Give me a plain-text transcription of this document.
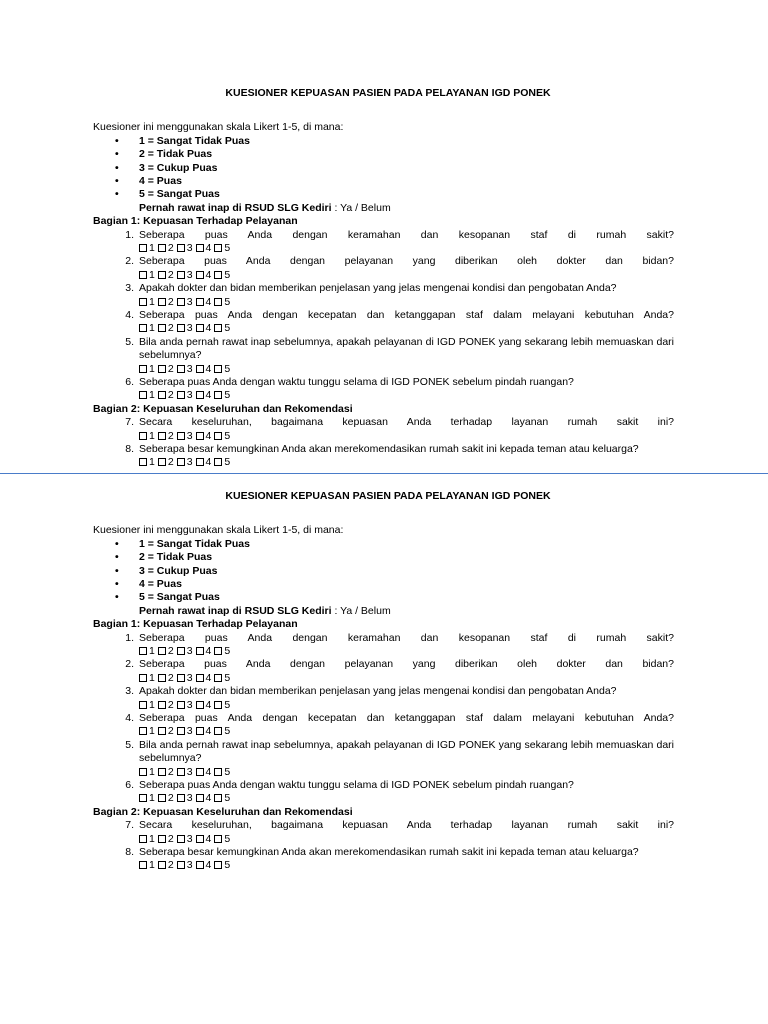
KUESIONER KEPUASAN PASIEN PADA PELAYANAN IGD PONEK

Kuesioner ini menggunakan skala Likert 1-5, di mana:

• 1 = Sangat Tidak Puas
• 2 = Tidak Puas
• 3 = Cukup Puas
• 4 = Puas
• 5 = Sangat Puas
Pernah rawat inap di RSUD SLG Kediri : Ya / Belum
Bagian 1: Kepuasan Terhadap Pelayanan
1. Seberapa puas Anda dengan keramahan dan kesopanan staf di rumah sakit?
1 2 3 4 5
2. Seberapa puas Anda dengan pelayanan yang diberikan oleh dokter dan bidan?
1 2 3 4 5
3. Apakah dokter dan bidan memberikan penjelasan yang jelas mengenai kondisi dan pengobatan Anda?
1 2 3 4 5
4. Seberapa puas Anda dengan kecepatan dan ketanggapan staf dalam melayani kebutuhan Anda?
1 2 3 4 5
5. Bila anda pernah rawat inap sebelumnya, apakah pelayanan di IGD PONEK yang sekarang lebih memuaskan dari sebelumnya?
1 2 3 4 5
6. Seberapa puas Anda dengan waktu tunggu selama di IGD PONEK sebelum pindah ruangan?
1 2 3 4 5
Bagian 2: Kepuasan Keseluruhan dan Rekomendasi
7. Secara keseluruhan, bagaimana kepuasan Anda terhadap layanan rumah sakit ini?
1 2 3 4 5
8. Seberapa besar kemungkinan Anda akan merekomendasikan rumah sakit ini kepada teman atau keluarga?
1 2 3 4 5

KUESIONER KEPUASAN PASIEN PADA PELAYANAN IGD PONEK

Kuesioner ini menggunakan skala Likert 1-5, di mana:

• 1 = Sangat Tidak Puas
• 2 = Tidak Puas
• 3 = Cukup Puas
• 4 = Puas
• 5 = Sangat Puas
Pernah rawat inap di RSUD SLG Kediri : Ya / Belum
Bagian 1: Kepuasan Terhadap Pelayanan
1. Seberapa puas Anda dengan keramahan dan kesopanan staf di rumah sakit?
1 2 3 4 5
2. Seberapa puas Anda dengan pelayanan yang diberikan oleh dokter dan bidan?
1 2 3 4 5
3. Apakah dokter dan bidan memberikan penjelasan yang jelas mengenai kondisi dan pengobatan Anda?
1 2 3 4 5
4. Seberapa puas Anda dengan kecepatan dan ketanggapan staf dalam melayani kebutuhan Anda?
1 2 3 4 5
5. Bila anda pernah rawat inap sebelumnya, apakah pelayanan di IGD PONEK yang sekarang lebih memuaskan dari sebelumnya?
1 2 3 4 5
6. Seberapa puas Anda dengan waktu tunggu selama di IGD PONEK sebelum pindah ruangan?
1 2 3 4 5
Bagian 2: Kepuasan Keseluruhan dan Rekomendasi
7. Secara keseluruhan, bagaimana kepuasan Anda terhadap layanan rumah sakit ini?
1 2 3 4 5
8. Seberapa besar kemungkinan Anda akan merekomendasikan rumah sakit ini kepada teman atau keluarga?
1 2 3 4 5
